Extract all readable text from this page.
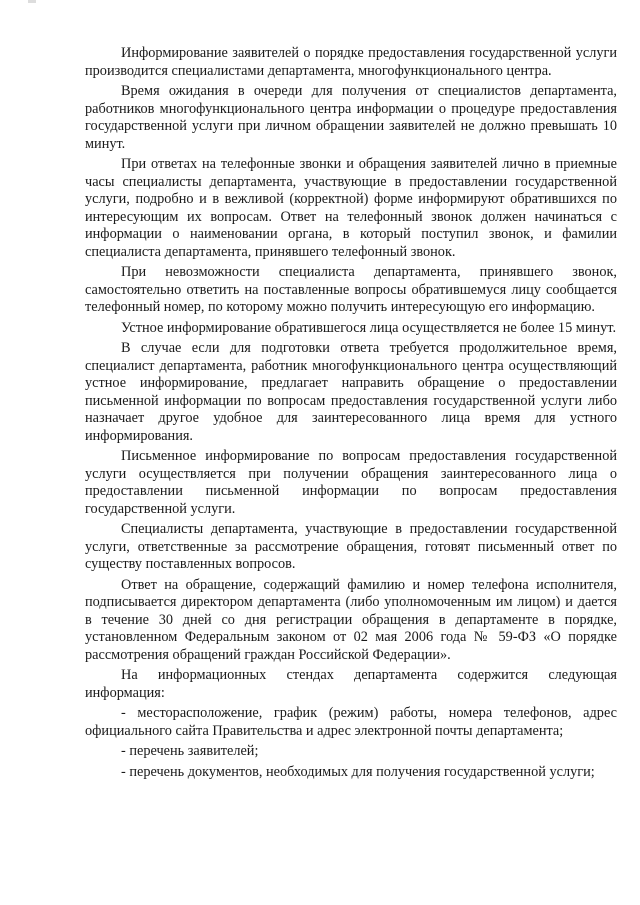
Информирование заявителей о порядке предоставления государственной услуги производится специалистами департамента, многофункционального центра.

Время ожидания в очереди для получения от специалистов департамента, работников многофункционального центра информации о процедуре предоставления государственной услуги при личном обращении заявителей не должно превышать 10 минут.

При ответах на телефонные звонки и обращения заявителей лично в приемные часы специалисты департамента, участвующие в предоставлении государственной услуги, подробно и в вежливой (корректной) форме информируют обратившихся по интересующим их вопросам. Ответ на телефонный звонок должен начинаться с информации о наименовании органа, в который поступил звонок, и фамилии специалиста департамента, принявшего телефонный звонок.

При невозможности специалиста департамента, принявшего звонок, самостоятельно ответить на поставленные вопросы обратившемуся лицу сообщается телефонный номер, по которому можно получить интересующую его информацию.

Устное информирование обратившегося лица осуществляется не более 15 минут.

В случае если для подготовки ответа требуется продолжительное время, специалист департамента, работник многофункционального центра осуществляющий устное информирование, предлагает направить обращение о предоставлении письменной информации по вопросам предоставления государственной услуги либо назначает другое удобное для заинтересованного лица время для устного информирования.

Письменное информирование по вопросам предоставления государственной услуги осуществляется при получении обращения заинтересованного лица о предоставлении письменной информации по вопросам предоставления государственной услуги.

Специалисты департамента, участвующие в предоставлении государственной услуги, ответственные за рассмотрение обращения, готовят письменный ответ по существу поставленных вопросов.

Ответ на обращение, содержащий фамилию и номер телефона исполнителя, подписывается директором департамента (либо уполномоченным им лицом) и дается в течение 30 дней со дня регистрации обращения в департаменте в порядке, установленном Федеральным законом от 02 мая 2006 года № 59-ФЗ «О порядке рассмотрения обращений граждан Российской Федерации».

На информационных стендах департамента содержится следующая информация:

- месторасположение, график (режим) работы, номера телефонов, адрес официального сайта Правительства и адрес электронной почты департамента;

- перечень заявителей;

- перечень документов, необходимых для получения государственной услуги;
